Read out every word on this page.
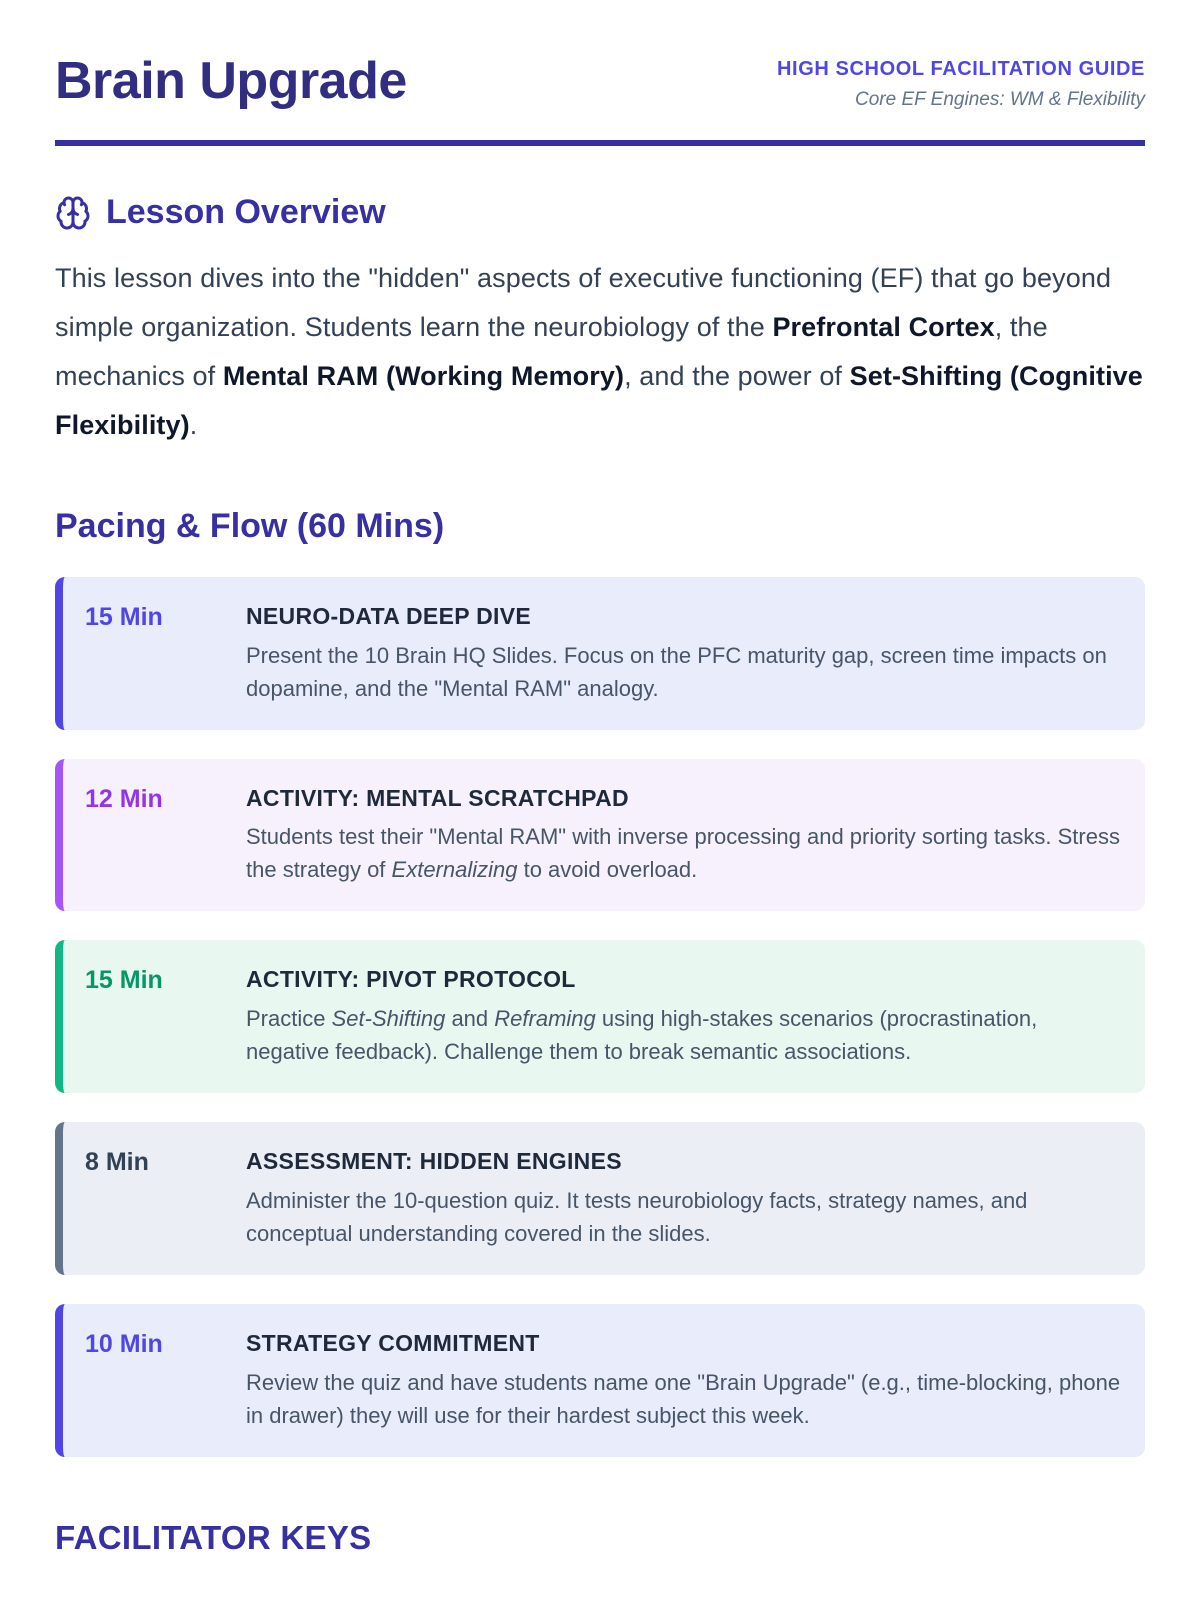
Brain Upgrade	HIGH SCHOOL FACILITATION GUIDE
Core EF Engines: WM & Flexibility
Lesson Overview

This lesson dives into the "hidden" aspects of executive functioning (EF) that go beyond simple organization. Students learn the neurobiology of the Prefrontal Cortex, the mechanics of Mental RAM (Working Memory), and the power of Set-Shifting (Cognitive Flexibility).

Pacing & Flow (60 Mins)
15 Min	NEURO-DATA DEEP DIVE
Present the 10 Brain HQ Slides. Focus on the PFC maturity gap, screen time impacts on dopamine, and the "Mental RAM" analogy.
12 Min	ACTIVITY: MENTAL SCRATCHPAD
Students test their "Mental RAM" with inverse processing and priority sorting tasks. Stress the strategy of Externalizing to avoid overload.
15 Min	ACTIVITY: PIVOT PROTOCOL
Practice Set-Shifting and Reframing using high-stakes scenarios (procrastination, negative feedback). Challenge them to break semantic associations.
8 Min	ASSESSMENT: HIDDEN ENGINES
Administer the 10-question quiz. It tests neurobiology facts, strategy names, and conceptual understanding covered in the slides.
10 Min	STRATEGY COMMITMENT
Review the quiz and have students name one "Brain Upgrade" (e.g., time-blocking, phone in drawer) they will use for their hardest subject this week.
FACILITATOR KEYS
